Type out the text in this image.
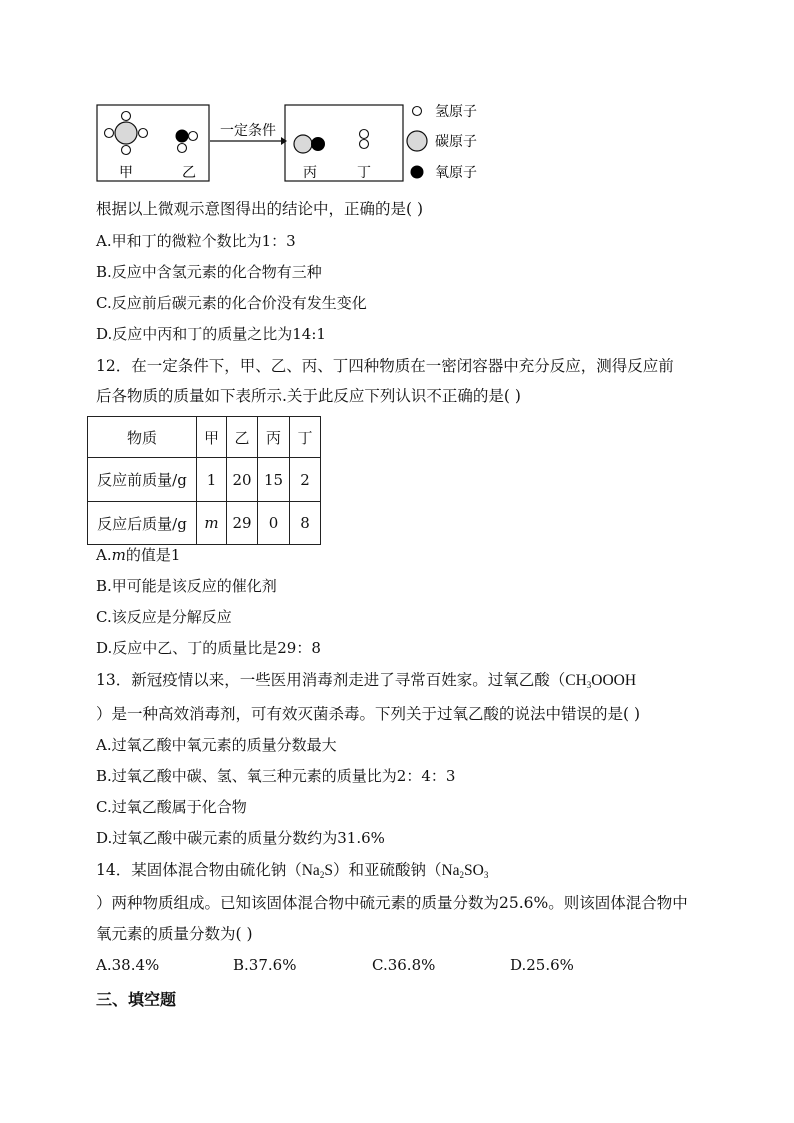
甲	乙
一定条件
丙	丁
氢原子
碳原子
氧原子
根据以上微观示意图得出的结论中，正确的是( )
A.甲和丁的微粒个数比为1：3
B.反应中含氢元素的化合物有三种
C.反应前后碳元素的化合价没有发生变化
D.反应中丙和丁的质量之比为14:1
12．在一定条件下，甲、乙、丙、丁四种物质在一密闭容器中充分反应，测得反应前
后各物质的质量如下表所示.关于此反应下列认识不正确的是( )
物质	甲	乙	丙	丁
反应前质量/g	1	20	15	2
反应后质量/g	m	29	0	8
A.m的值是1
B.甲可能是该反应的催化剂
C.该反应是分解反应
D.反应中乙、丁的质量比是29：8
13．新冠疫情以来，一些医用消毒剂走进了寻常百姓家。过氧乙酸（$CH_3OOOH$
）是一种高效消毒剂，可有效灭菌杀毒。下列关于过氧乙酸的说法中错误的是( )
A.过氧乙酸中氧元素的质量分数最大
B.过氧乙酸中碳、氢、氧三种元素的质量比为2：4：3
C.过氧乙酸属于化合物
D.过氧乙酸中碳元素的质量分数约为31.6%
14．某固体混合物由硫化钠$(Na_2S)$和亚硫酸钠（$Na_2SO_3$
）两种物质组成。已知该固体混合物中硫元素的质量分数为25.6%。则该固体混合物中
氧元素的质量分数为( )
A.38.4%	B.37.6%	C.36.8%	D.25.6%
三、填空题
